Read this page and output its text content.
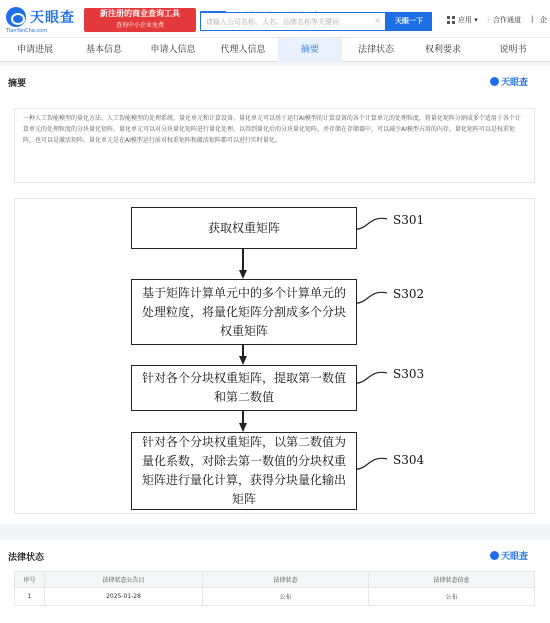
天眼查
TianYanCha.com
新注册的商业查询工具
查询中小企业免费	请输入公司名称、人名、品牌名称等关键词	×	天眼一下	应用 ▾ | 合作通道 | 企
申请进展	基本信息	申请人信息	代理人信息	摘要	法律状态	权利要求	说明书
摘要	天眼查
一种人工智能模型的量化方法、人工智能模型的处理系统、量化单元和计算设备。量化单元可以基于运行AI模型的计算设备的各个计算单元的处理粒度，将量化矩阵分割成多个适用于各个计算单元的处理粒度的分块量化矩阵。量化单元可以对分块量化矩阵进行量化处理，以得到量化后的分块量化矩阵，并存储在存储器中，可以减少AI模型占用的内存。量化矩阵可以是权重矩阵，也可以是激活矩阵。量化单元是在AI模型运行前对权重矩阵和激活矩阵都可以进行实时量化。
获取权重矩阵
基于矩阵计算单元中的多个计算单元的处理粒度，将量化矩阵分割成多个分块权重矩阵
针对各个分块权重矩阵，提取第一数值和第二数值
针对各个分块权重矩阵，以第二数值为量化系数，对除去第一数值的分块权重矩阵进行量化计算，获得分块量化输出矩阵
S301
S302
S303
S304
法律状态	天眼查
序号	法律状态公告日	法律状态	法律状态信息
1	2025-01-28	公布	公布
